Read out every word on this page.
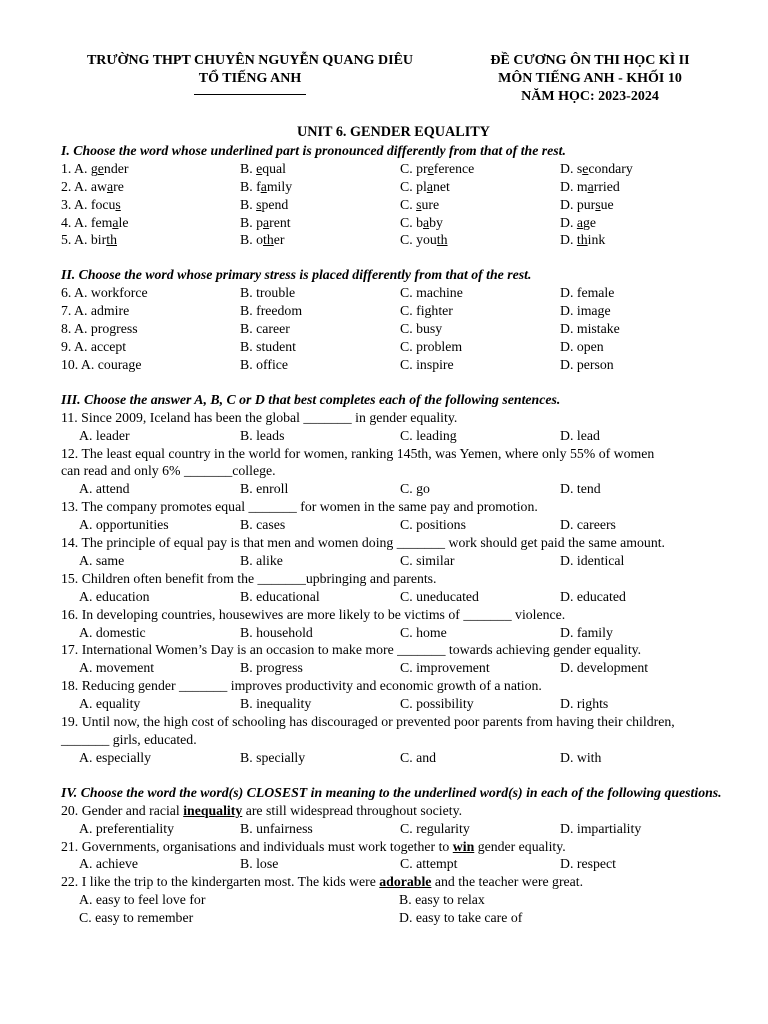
TRƯỜNG THPT CHUYÊN NGUYỄN QUANG DIÊU
TỔ TIẾNG ANH
ĐỀ CƯƠNG ÔN THI HỌC KÌ II
MÔN TIẾNG ANH - KHỐI 10
NĂM HỌC: 2023-2024
UNIT 6. GENDER EQUALITY
I. Choose the word whose underlined part is pronounced differently from that of the rest.
1. A. gender	B. equal	C. preference	D. secondary
2. A. aware	B. family	C. planet	D. married
3. A. focus	B. spend	C. sure	D. pursue
4. A. female	B. parent	C. baby	D. age
5. A. birth	B. other	C. youth	D. think
II. Choose the word whose primary stress is placed differently from that of the rest.
6. A. workforce	B. trouble	C. machine	D. female
7. A. admire	B. freedom	C. fighter	D. image
8. A. progress	B. career	C. busy	D. mistake
9. A. accept	B. student	C. problem	D. open
10. A. courage	B. office	C. inspire	D. person
III. Choose the answer A, B, C or D that best completes each of the following sentences.
11. Since 2009, Iceland has been the global _______ in gender equality.
A. leader	B. leads	C. leading	D. lead
12. The least equal country in the world for women, ranking 145th, was Yemen, where only 55% of women
can read and only 6% _______college.
A. attend	B. enroll	C. go	D. tend
13. The company promotes equal _______ for women in the same pay and promotion.
A. opportunities	B. cases	C. positions	D. careers
14. The principle of equal pay is that men and women doing _______ work should get paid the same amount.
A. same	B. alike	C. similar	D. identical
15. Children often benefit from the _______upbringing and parents.
A. education	B. educational	C. uneducated	D. educated
16. In developing countries, housewives are more likely to be victims of _______ violence.
A. domestic	B. household	C. home	D. family
17. International Women’s Day is an occasion to make more _______ towards achieving gender equality.
A. movement	B. progress	C. improvement	D. development
18. Reducing gender _______ improves productivity and economic growth of a nation.
A. equality	B. inequality	C. possibility	D. rights
19. Until now, the high cost of schooling has discouraged or prevented poor parents from having their children,
_______ girls, educated.
A. especially	B. specially	C. and	D. with
IV. Choose the word the word(s) CLOSEST in meaning to the underlined word(s) in each of the following questions.
20. Gender and racial inequality are still widespread throughout society.
A. preferentiality	B. unfairness	C. regularity	D. impartiality
21. Governments, organisations and individuals must work together to win gender equality.
A. achieve	B. lose	C. attempt	D. respect
22. I like the trip to the kindergarten most. The kids were adorable and the teacher were great.
A. easy to feel love for	B. easy to relax
C. easy to remember	D. easy to take care of
